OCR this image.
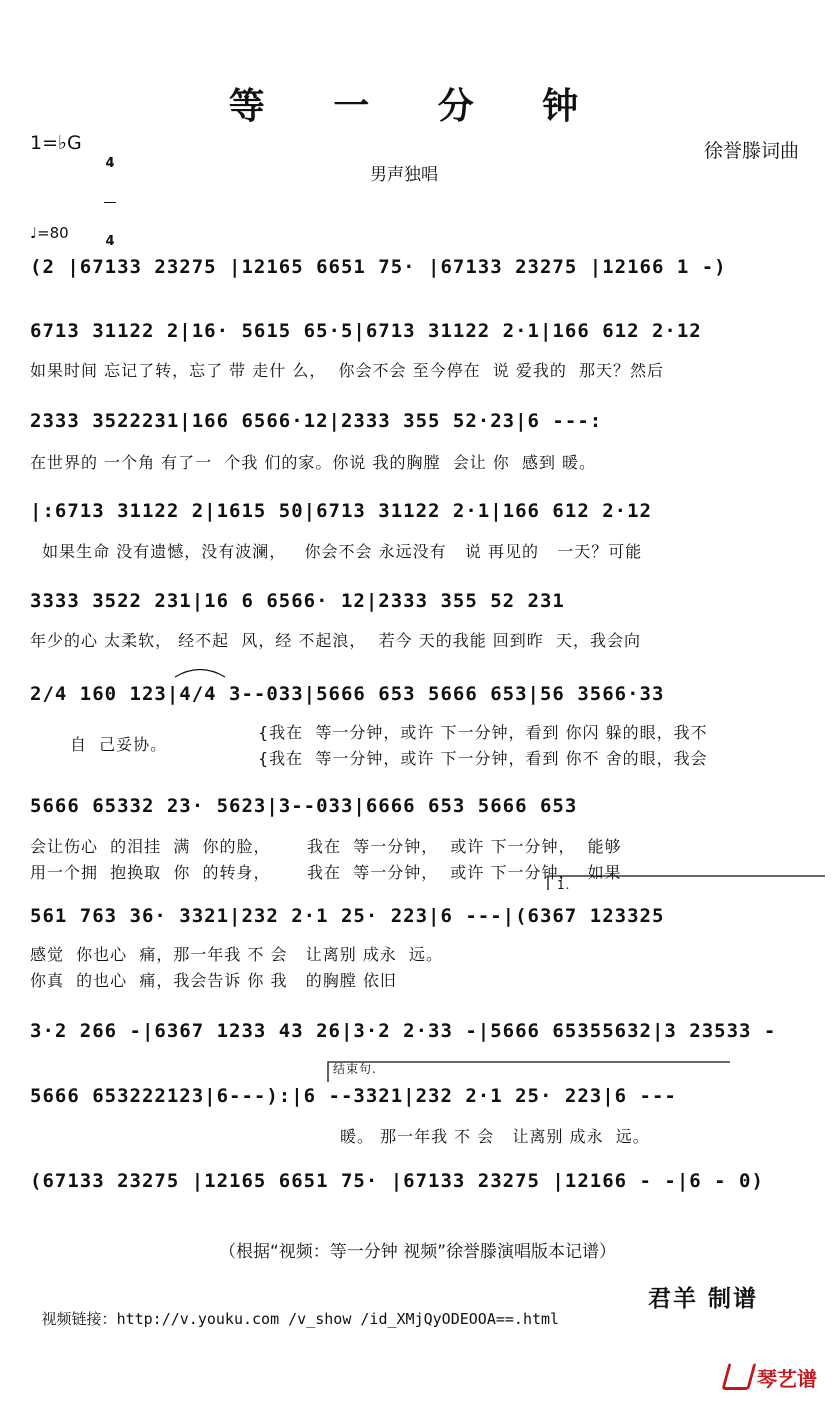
等 一 分 钟
1=♭G

4

4

徐誉滕词曲
男声独唱
♩=80
(2 |67133 23275 |12165 6651 75· |67133 23275 |12166 1 -)
6713 31122 2|16· 5615 65·5|6713 31122 2·1|166 612 2·12
如果时间 忘记了转，忘了 带 走什 么，  你会不会 至今停在  说 爱我的  那天？然后
2333 3522231|166 6566·12|2333 355 52·23|6 ---:
在世界的 一个角 有了一  个我 们的家。你说 我的胸膛  会让 你  感到 暖。
|:6713 31122 2|1615 50|6713 31122 2·1|166 612 2·12
如果生命 没有遗憾，没有波澜，   你会不会 永远没有   说 再见的   一天？可能
3333 3522 231|16 6 6566· 12|2333 355 52 231
年少的心 太柔软， 经不起  风，经 不起浪，  若今 天的我能 回到昨  天，我会向
2/4 160 123|4/4 3--033|5666 653 5666 653|56 3566·33
自  己妥协。
{我在  等一分钟，或许 下一分钟，看到 你闪 躲的眼，我不
{我在  等一分钟，或许 下一分钟，看到 你不 舍的眼，我会
5666 65332 23· 5623|3--033|6666 653 5666 653
会让伤心  的泪挂  满  你的脸，      我在  等一分钟，  或许 下一分钟，  能够
用一个拥  抱换取  你  的转身，      我在  等一分钟，  或许 下一分钟，  如果
1.
561 763 36· 3321|232 2·1 25· 223|6 ---|(6367 123325
感觉  你也心  痛，那一年我 不 会   让离别 成永  远。
你真  的也心  痛，我会告诉 你 我   的胸膛 依旧
3·2 266 -|6367 1233 43 26|3·2 2·33 -|5666 65355632|3 23533 -
结束句.
5666 653222123|6---):|6 --3321|232 2·1 25· 223|6 ---
暖。 那一年我 不 会   让离别 成永  远。
(67133 23275 |12165 6651 75· |67133 23275 |12166 - -|6 - 0)
（根据“视频：等一分钟 视频”徐誉滕演唱版本记谱）

视频链接：http://v.youku.com /v_show /id_XMjQyODEOOA==.html

君羊 制谱
琴艺谱
